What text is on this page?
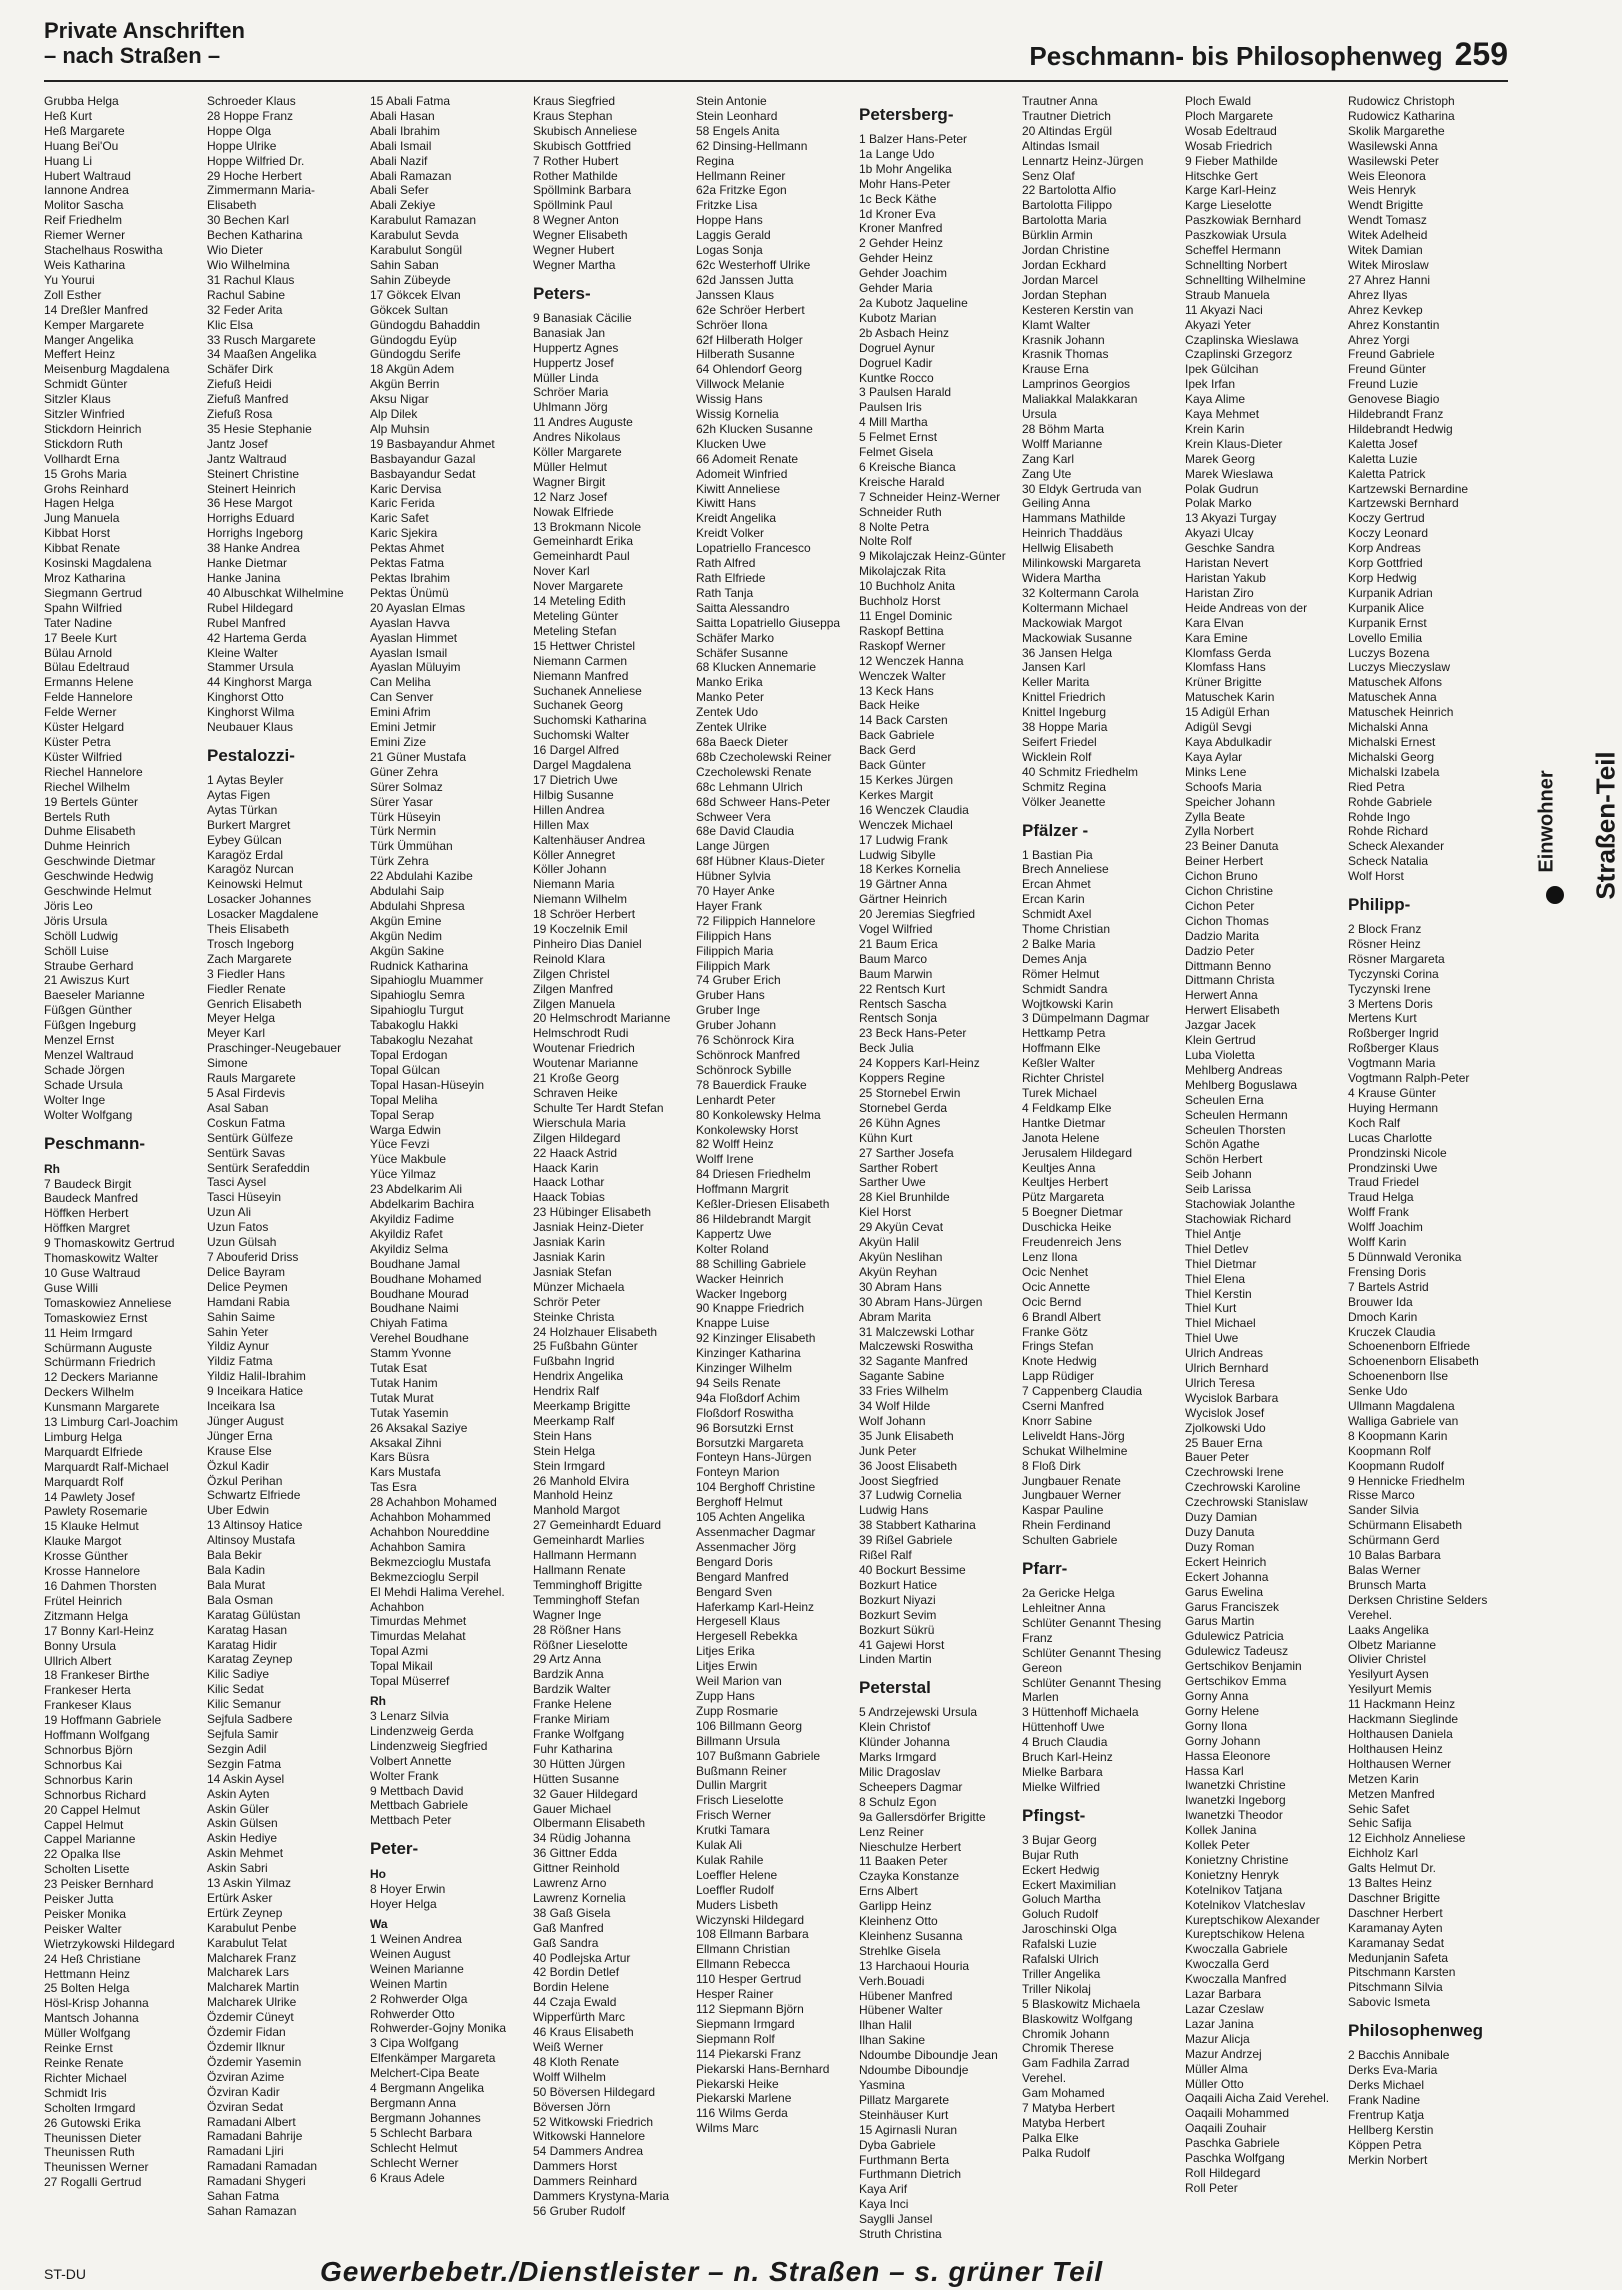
Private Anschriften
– nach Straßen –	Peschmann- bis Philosophenweg 259
Grubba Helga
Heß Kurt
Heß Margarete
Huang Bei'Ou
Huang Li
Hubert Waltraud
Iannone Andrea
Molitor Sascha
Reif Friedhelm
Riemer Werner
Stachelhaus Roswitha
Weis Katharina
Yu Yourui
Zoll Esther
14 Dreßler Manfred
Kemper Margarete
Manger Angelika
Meffert Heinz
Meisenburg Magdalena
Schmidt Günter
Sitzler Klaus
Sitzler Winfried
Stickdorn Heinrich
Stickdorn Ruth
Vollhardt Erna
15 Grohs Maria
Grohs Reinhard
Hagen Helga
Jung Manuela
Kibbat Horst
Kibbat Renate
Kosinski Magdalena
Mroz Katharina
Siegmann Gertrud
Spahn Wilfried
Tater Nadine
17 Beele Kurt
Bülau Arnold
Bülau Edeltraud
Ermanns Helene
Felde Hannelore
Felde Werner
Küster Helgard
Küster Petra
Küster Wilfried
Riechel Hannelore
Riechel Wilhelm
19 Bertels Günter
Bertels Ruth
Duhme Elisabeth
Duhme Heinrich
Geschwinde Dietmar
Geschwinde Hedwig
Geschwinde Helmut
Jöris Leo
Jöris Ursula
Schöll Ludwig
Schöll Luise
Straube Gerhard
21 Awiszus Kurt
Baeseler Marianne
Füßgen Günther
Füßgen Ingeburg
Menzel Ernst
Menzel Waltraud
Schade Jörgen
Schade Ursula
Wolter Inge
Wolter Wolfgang
Peschmann-
Rh
7 Baudeck Birgit
Baudeck Manfred
Höffken Herbert
Höffken Margret
9 Thomaskowitz Gertrud
Thomaskowitz Walter
10 Guse Waltraud
Guse Willi
Tomaskowiez Anneliese
Tomaskowiez Ernst
11 Heim Irmgard
Schürmann Auguste
Schürmann Friedrich
12 Deckers Marianne
Deckers Wilhelm
Kunsmann Margarete
13 Limburg Carl-Joachim
Limburg Helga
Marquardt Elfriede
Marquardt Ralf-Michael
Marquardt Rolf
14 Pawlety Josef
Pawlety Rosemarie
15 Klauke Helmut
Klauke Margot
Krosse Günther
Krosse Hannelore
16 Dahmen Thorsten
Frütel Heinrich
Zitzmann Helga
17 Bonny Karl-Heinz
Bonny Ursula
Ullrich Albert
18 Frankeser Birthe
Frankeser Herta
Frankeser Klaus
19 Hoffmann Gabriele
Hoffmann Wolfgang
Schnorbus Björn
Schnorbus Kai
Schnorbus Karin
Schnorbus Richard
20 Cappel Helmut
Cappel Helmut
Cappel Marianne
22 Opalka Ilse
Scholten Lisette
23 Peisker Bernhard
Peisker Jutta
Peisker Monika
Peisker Walter
Wietrzykowski Hildegard
24 Heß Christiane
Hettmann Heinz
25 Bolten Helga
Hösl-Krisp Johanna
Mantsch Johanna
Müller Wolfgang
Reinke Ernst
Reinke Renate
Richter Michael
Schmidt Iris
Scholten Irmgard
26 Gutowski Erika
Theunissen Dieter
Theunissen Ruth
Theunissen Werner
27 Rogalli Gertrud
Schroeder Klaus
28 Hoppe Franz
Hoppe Olga
Hoppe Ulrike
Hoppe Wilfried Dr.
29 Hoche Herbert
Zimmermann Maria-
Elisabeth
30 Bechen Karl
Bechen Katharina
Wio Dieter
Wio Wilhelmina
31 Rachul Klaus
Rachul Sabine
32 Feder Arita
Klic Elsa
33 Rusch Margarete
34 Maaßen Angelika
Schäfer Dirk
Ziefuß Heidi
Ziefuß Manfred
Ziefuß Rosa
35 Hesie Stephanie
Jantz Josef
Jantz Waltraud
Steinert Christine
Steinert Heinrich
36 Hese Margot
Horrighs Eduard
Horrighs Ingeborg
38 Hanke Andrea
Hanke Dietmar
Hanke Janina
40 Albuschkat Wilhelmine
Rubel Hildegard
Rubel Manfred
42 Hartema Gerda
Kleine Walter
Stammer Ursula
44 Kinghorst Marga
Kinghorst Otto
Kinghorst Wilma
Neubauer Klaus
Pestalozzi-
1 Aytas Beyler
Aytas Figen
Aytas Türkan
Burkert Margret
Eybey Gülcan
Karagöz Erdal
Karagöz Nurcan
Keinowski Helmut
Losacker Johannes
Losacker Magdalene
Theis Elisabeth
Trosch Ingeborg
Zach Margarete
3 Fiedler Hans
Fiedler Renate
Genrich Elisabeth
Meyer Helga
Meyer Karl
Praschinger-Neugebauer
Simone
Rauls Margarete
5 Asal Firdevis
Asal Saban
Coskun Fatma
Sentürk Gülfeze
Sentürk Savas
Sentürk Serafeddin
Tasci Aysel
Tasci Hüseyin
Uzun Ali
Uzun Fatos
Uzun Gülsah
7 Abouferid Driss
Delice Bayram
Delice Peymen
Hamdani Rabia
Sahin Saime
Sahin Yeter
Yildiz Aynur
Yildiz Fatma
Yildiz Halil-Ibrahim
9 Inceikara Hatice
Inceikara Isa
Jünger August
Jünger Erna
Krause Else
Özkul Kadir
Özkul Perihan
Schwartz Elfriede
Uber Edwin
13 Altinsoy Hatice
Altinsoy Mustafa
Bala Bekir
Bala Kadin
Bala Murat
Bala Osman
Karatag Gülüstan
Karatag Hasan
Karatag Hidir
Karatag Zeynep
Kilic Sadiye
Kilic Sedat
Kilic Semanur
Sejfula Sadbere
Sejfula Samir
Sezgin Adil
Sezgin Fatma
14 Askin Aysel
Askin Ayten
Askin Güler
Askin Gülsen
Askin Hediye
Askin Mehmet
Askin Sabri
13 Askin Yilmaz
Ertürk Asker
Ertürk Zeynep
Karabulut Penbe
Karabulut Telat
Malcharek Franz
Malcharek Lars
Malcharek Martin
Malcharek Ulrike
Özdemir Cüneyt
Özdemir Fidan
Özdemir Ilknur
Özdemir Yasemin
Özviran Azime
Özviran Kadir
Özviran Sedat
Ramadani Albert
Ramadani Bahrije
Ramadani Ljiri
Ramadani Ramadan
Ramadani Shygeri
Sahan Fatma
Sahan Ramazan
15 Abali Fatma
Abali Hasan
Abali Ibrahim
Abali Ismail
Abali Nazif
Abali Ramazan
Abali Sefer
Abali Zekiye
Karabulut Ramazan
Karabulut Sevda
Karabulut Songül
Sahin Saban
Sahin Zübeyde
17 Gökcek Elvan
Gökcek Sultan
Gündogdu Bahaddin
Gündogdu Eyüp
Gündogdu Serife
18 Akgün Adem
Akgün Berrin
Aksu Nigar
Alp Dilek
Alp Muhsin
19 Basbayandur Ahmet
Basbayandur Gazal
Basbayandur Sedat
Karic Dervisa
Karic Ferida
Karic Safet
Karic Sjekira
Pektas Ahmet
Pektas Fatma
Pektas Ibrahim
Pektas Ünümü
20 Ayaslan Elmas
Ayaslan Havva
Ayaslan Himmet
Ayaslan Ismail
Ayaslan Müluyim
Can Meliha
Can Senver
Emini Afrim
Emini Jetmir
Emini Zize
21 Güner Mustafa
Güner Zehra
Sürer Solmaz
Sürer Yasar
Türk Hüseyin
Türk Nermin
Türk Ümmühan
Türk Zehra
22 Abdulahi Kazibe
Abdulahi Saip
Abdulahi Shpresa
Akgün Emine
Akgün Nedim
Akgün Sakine
Rudnick Katharina
Sipahioglu Muammer
Sipahioglu Semra
Sipahioglu Turgut
Tabakoglu Hakki
Tabakoglu Nezahat
Topal Erdogan
Topal Gülcan
Topal Hasan-Hüseyin
Topal Meliha
Topal Serap
Warga Edwin
Yüce Fevzi
Yüce Makbule
Yüce Yilmaz
23 Abdelkarim Ali
Abdelkarim Bachira
Akyildiz Fadime
Akyildiz Rafet
Akyildiz Selma
Boudhane Jamal
Boudhane Mohamed
Boudhane Mourad
Boudhane Naimi
Chiyah Fatima
Verehel Boudhane
Stamm Yvonne
Tutak Esat
Tutak Hanim
Tutak Murat
Tutak Yasemin
26 Aksakal Saziye
Aksakal Zihni
Kars Büsra
Kars Mustafa
Tas Esra
28 Achahbon Mohamed
Achahbon Mohammed
Achahbon Noureddine
Achahbon Samira
Bekmezcioglu Mustafa
Bekmezcioglu Serpil
El Mehdi Halima Verehel.
Achahbon
Timurdas Mehmet
Timurdas Melahat
Topal Azmi
Topal Mikail
Topal Müserref
Rh
3 Lenarz Silvia
Lindenzweig Gerda
Lindenzweig Siegfried
Volbert Annette
Wolter Frank
9 Mettbach David
Mettbach Gabriele
Mettbach Peter
Peter-
Ho
8 Hoyer Erwin
Hoyer Helga
Wa
1 Weinen Andrea
Weinen August
Weinen Marianne
Weinen Martin
2 Rohwerder Olga
Rohwerder Otto
Rohwerder-Gojny Monika
3 Cipa Wolfgang
Elfenkämper Margareta
Melchert-Cipa Beate
4 Bergmann Angelika
Bergmann Anna
Bergmann Johannes
5 Schlecht Barbara
Schlecht Helmut
Schlecht Werner
6 Kraus Adele
Kraus Siegfried
Kraus Stephan
Skubisch Anneliese
Skubisch Gottfried
7 Rother Hubert
Rother Mathilde
Spöllmink Barbara
Spöllmink Paul
8 Wegner Anton
Wegner Elisabeth
Wegner Hubert
Wegner Martha
Peters-
9 Banasiak Cäcilie
Banasiak Jan
Huppertz Agnes
Huppertz Josef
Müller Linda
Schröer Maria
Uhlmann Jörg
11 Andres Auguste
Andres Nikolaus
Köller Margarete
Müller Helmut
Wagner Birgit
12 Narz Josef
Nowak Elfriede
13 Brokmann Nicole
Gemeinhardt Erika
Gemeinhardt Paul
Nover Karl
Nover Margarete
14 Meteling Edith
Meteling Günter
Meteling Stefan
15 Hettwer Christel
Niemann Carmen
Niemann Manfred
Suchanek Anneliese
Suchanek Georg
Suchomski Katharina
Suchomski Walter
16 Dargel Alfred
Dargel Magdalena
17 Dietrich Uwe
Hilbig Susanne
Hillen Andrea
Hillen Max
Kaltenhäuser Andrea
Köller Annegret
Köller Johann
Niemann Maria
Niemann Wilhelm
18 Schröer Herbert
19 Koczelnik Emil
Pinheiro Dias Daniel
Reinold Klara
Zilgen Christel
Zilgen Manfred
Zilgen Manuela
20 Helmschrodt Marianne
Helmschrodt Rudi
Woutenar Friedrich
Woutenar Marianne
21 Kroße Georg
Schraven Heike
Schulte Ter Hardt Stefan
Wierschula Maria
Zilgen Hildegard
22 Haack Astrid
Haack Karin
Haack Lothar
Haack Tobias
23 Hübinger Elisabeth
Jasniak Heinz-Dieter
Jasniak Karin
Jasniak Karin
Jasniak Stefan
Münzer Michaela
Schrör Peter
Steinke Christa
24 Holzhauer Elisabeth
25 Fußbahn Günter
Fußbahn Ingrid
Hendrix Angelika
Hendrix Ralf
Meerkamp Brigitte
Meerkamp Ralf
Stein Hans
Stein Helga
Stein Irmgard
26 Manhold Elvira
Manhold Heinz
Manhold Margot
27 Gemeinhardt Eduard
Gemeinhardt Marlies
Hallmann Hermann
Hallmann Renate
Temminghoff Brigitte
Temminghoff Stefan
Wagner Inge
28 Rößner Hans
Rößner Lieselotte
29 Artz Anna
Bardzik Anna
Bardzik Walter
Franke Helene
Franke Miriam
Franke Wolfgang
Fuhr Katharina
30 Hütten Jürgen
Hütten Susanne
32 Gauer Hildegard
Gauer Michael
Olbermann Elisabeth
34 Rüdig Johanna
36 Gittner Edda
Gittner Reinhold
Lawrenz Arno
Lawrenz Kornelia
38 Gaß Gisela
Gaß Manfred
Gaß Sandra
40 Podlejska Artur
42 Bordin Detlef
Bordin Helene
44 Czaja Ewald
Wipperfürth Marc
46 Kraus Elisabeth
Weiß Werner
48 Kloth Renate
Wolff Wilhelm
50 Böversen Hildegard
Böversen Jörn
52 Witkowski Friedrich
Witkowski Hannelore
54 Dammers Andrea
Dammers Horst
Dammers Reinhard
Dammers Krystyna-Maria
56 Gruber Rudolf
Stein Antonie
Stein Leonhard
58 Engels Anita
62 Dinsing-Hellmann
Regina
Hellmann Reiner
62a Fritzke Egon
Fritzke Lisa
Hoppe Hans
Laggis Gerald
Logas Sonja
62c Westerhoff Ulrike
62d Janssen Jutta
Janssen Klaus
62e Schröer Herbert
Schröer Ilona
62f Hilberath Holger
Hilberath Susanne
64 Ohlendorf Georg
Villwock Melanie
Wissig Hans
Wissig Kornelia
62h Klucken Susanne
Klucken Uwe
66 Adomeit Renate
Adomeit Winfried
Kiwitt Anneliese
Kiwitt Hans
Kreidt Angelika
Kreidt Volker
Lopatriello Francesco
Rath Alfred
Rath Elfriede
Rath Tanja
Saitta Alessandro
Saitta Lopatriello Giuseppa
Schäfer Marko
Schäfer Susanne
68 Klucken Annemarie
Manko Erika
Manko Peter
Zentek Udo
Zentek Ulrike
68a Baeck Dieter
68b Czecholewski Reiner
Czecholewski Renate
68c Lehmann Ulrich
68d Schweer Hans-Peter
Schweer Vera
68e David Claudia
Lange Jürgen
68f Hübner Klaus-Dieter
Hübner Sylvia
70 Hayer Anke
Hayer Frank
72 Filippich Hannelore
Filippich Hans
Filippich Maria
Filippich Mark
74 Gruber Erich
Gruber Hans
Gruber Inge
Gruber Johann
76 Schönrock Kira
Schönrock Manfred
Schönrock Sybille
78 Bauerdick Frauke
Lenhardt Peter
80 Konkolewsky Helma
Konkolewsky Horst
82 Wolff Heinz
Wolff Irene
84 Driesen Friedhelm
Hoffmann Margrit
Keßler-Driesen Elisabeth
86 Hildebrandt Margit
Kappertz Uwe
Kolter Roland
88 Schilling Gabriele
Wacker Heinrich
Wacker Ingeborg
90 Knappe Friedrich
Knappe Luise
92 Kinzinger Elisabeth
Kinzinger Katharina
Kinzinger Wilhelm
94 Seils Renate
94a Floßdorf Achim
Floßdorf Roswitha
96 Borsutzki Ernst
Borsutzki Margareta
Fonteyn Hans-Jürgen
Fonteyn Marion
104 Berghoff Christine
Berghoff Helmut
105 Achten Angelika
Assenmacher Dagmar
Assenmacher Jörg
Bengard Doris
Bengard Manfred
Bengard Sven
Haferkamp Karl-Heinz
Hergesell Klaus
Hergesell Rebekka
Litjes Erika
Litjes Erwin
Weil Marion van
Zupp Hans
Zupp Rosmarie
106 Billmann Georg
Billmann Ursula
107 Bußmann Gabriele
Bußmann Reiner
Dullin Margrit
Frisch Lieselotte
Frisch Werner
Krutki Tamara
Kulak Ali
Kulak Rahile
Loeffler Helene
Loeffler Rudolf
Muders Lisbeth
Wiczynski Hildegard
108 Ellmann Barbara
Ellmann Christian
Ellmann Rebecca
110 Hesper Gertrud
Hesper Rainer
112 Siepmann Björn
Siepmann Irmgard
Siepmann Rolf
114 Piekarski Franz
Piekarski Hans-Bernhard
Piekarski Heike
Piekarski Marlene
116 Wilms Gerda
Wilms Marc
Petersberg-
1 Balzer Hans-Peter
1a Lange Udo
1b Mohr Angelika
Mohr Hans-Peter
1c Beck Käthe
1d Kroner Eva
Kroner Manfred
2 Gehder Heinz
Gehder Heinz
Gehder Joachim
Gehder Maria
2a Kubotz Jaqueline
Kubotz Marian
2b Asbach Heinz
Dogruel Aynur
Dogruel Kadir
Kuntke Rocco
3 Paulsen Harald
Paulsen Iris
4 Mill Martha
5 Felmet Ernst
Felmet Gisela
6 Kreische Bianca
Kreische Harald
7 Schneider Heinz-Werner
Schneider Ruth
8 Nolte Petra
Nolte Rolf
9 Mikolajczak Heinz-Günter
Mikolajczak Rita
10 Buchholz Anita
Buchholz Horst
11 Engel Dominic
Raskopf Bettina
Raskopf Werner
12 Wenczek Hanna
Wenczek Walter
13 Keck Hans
Back Heike
14 Back Carsten
Back Gabriele
Back Gerd
Back Günter
15 Kerkes Jürgen
Kerkes Margit
16 Wenczek Claudia
Wenczek Michael
17 Ludwig Frank
Ludwig Sibylle
18 Kerkes Kornelia
19 Gärtner Anna
Gärtner Heinrich
20 Jeremias Siegfried
Vogel Wilfried
21 Baum Erica
Baum Marco
Baum Marwin
22 Rentsch Kurt
Rentsch Sascha
Rentsch Sonja
23 Beck Hans-Peter
Beck Julia
24 Koppers Karl-Heinz
Koppers Regine
25 Stornebel Erwin
Stornebel Gerda
26 Kühn Agnes
Kühn Kurt
27 Sarther Josefa
Sarther Robert
Sarther Uwe
28 Kiel Brunhilde
Kiel Horst
29 Akyün Cevat
Akyün Halil
Akyün Neslihan
Akyün Reyhan
30 Abram Hans
30 Abram Hans-Jürgen
Abram Marita
31 Malczewski Lothar
Malczewski Roswitha
32 Sagante Manfred
Sagante Sabine
33 Fries Wilhelm
34 Wolf Hilde
Wolf Johann
35 Junk Elisabeth
Junk Peter
36 Joost Elisabeth
Joost Siegfried
37 Ludwig Cornelia
Ludwig Hans
38 Stabbert Katharina
39 Rißel Gabriele
Rißel Ralf
40 Bockurt Bessime
Bozkurt Hatice
Bozkurt Niyazi
Bozkurt Sevim
Bozkurt Sükrü
41 Gajewi Horst
Linden Martin
Peterstal
5 Andrzejewski Ursula
Klein Christof
Klünder Johanna
Marks Irmgard
Milic Dragoslav
Scheepers Dagmar
8 Schulz Egon
9a Gallersdörfer Brigitte
Lenz Reiner
Nieschulze Herbert
11 Baaken Peter
Czayka Konstanze
Erns Albert
Garlipp Heinz
Kleinhenz Otto
Kleinhenz Susanna
Strehlke Gisela
13 Harchaoui Houria
Verh.Bouadi
Hübener Manfred
Hübener Walter
Ilhan Halil
Ilhan Sakine
Ndoumbe Diboundje Jean
Ndoumbe Diboundje
Yasmina
Pillatz Margarete
Steinhäuser Kurt
15 Agirnasli Nuran
Dyba Gabriele
Furthmann Berta
Furthmann Dietrich
Kaya Arif
Kaya Inci
Sayglli Jansel
Struth Christina
Trautner Anna
Trautner Dietrich
20 Altindas Ergül
Altindas Ismail
Lennartz Heinz-Jürgen
Senz Olaf
22 Bartolotta Alfio
Bartolotta Filippo
Bartolotta Maria
Bürklin Armin
Jordan Christine
Jordan Eckhard
Jordan Marcel
Jordan Stephan
Kesteren Kerstin van
Klamt Walter
Krasnik Johann
Krasnik Thomas
Krause Erna
Lamprinos Georgios
Maliakkal Malakkaran
Ursula
28 Böhm Marta
Wolff Marianne
Zang Karl
Zang Ute
30 Eldyk Gertruda van
Geiling Anna
Hammans Mathilde
Heinrich Thaddäus
Hellwig Elisabeth
Milinkowski Margareta
Widera Martha
32 Koltermann Carola
Koltermann Michael
Mackowiak Margot
Mackowiak Susanne
36 Jansen Helga
Jansen Karl
Keller Marita
Knittel Friedrich
Knittel Ingeburg
38 Hoppe Maria
Seifert Friedel
Wicklein Rolf
40 Schmitz Friedhelm
Schmitz Regina
Völker Jeanette
Pfälzer -
1 Bastian Pia
Brech Anneliese
Ercan Ahmet
Ercan Karin
Schmidt Axel
Thome Christian
2 Balke Maria
Demes Anja
Römer Helmut
Schmidt Sandra
Wojtkowski Karin
3 Dümpelmann Dagmar
Hettkamp Petra
Hoffmann Elke
Keßler Walter
Richter Christel
Turek Michael
4 Feldkamp Elke
Hantke Dietmar
Janota Helene
Jerusalem Hildegard
Keultjes Anna
Keultjes Herbert
Pütz Margareta
5 Boegner Dietmar
Duschicka Heike
Freudenreich Jens
Lenz Ilona
Ocic Nenhet
Ocic Annette
Ocic Bernd
6 Brandl Albert
Franke Götz
Frings Stefan
Knote Hedwig
Lapp Rüdiger
7 Cappenberg Claudia
Cserni Manfred
Knorr Sabine
Leliveldt Hans-Jörg
Schukat Wilhelmine
8 Floß Dirk
Jungbauer Renate
Jungbauer Werner
Kaspar Pauline
Rhein Ferdinand
Schulten Gabriele
Pfarr-
2a Gericke Helga
Lehleitner Anna
Schlüter Genannt Thesing
Franz
Schlüter Genannt Thesing
Gereon
Schlüter Genannt Thesing
Marlen
3 Hüttenhoff Michaela
Hüttenhoff Uwe
4 Bruch Claudia
Bruch Karl-Heinz
Mielke Barbara
Mielke Wilfried
Pfingst-
3 Bujar Georg
Bujar Ruth
Eckert Hedwig
Eckert Maximilian
Goluch Martha
Goluch Rudolf
Jaroschinski Olga
Rafalski Luzie
Rafalski Ulrich
Triller Angelika
Triller Nikolaj
5 Blaskowitz Michaela
Blaskowitz Wolfgang
Chromik Johann
Chromik Therese
Gam Fadhila Zarrad
Verehel.
Gam Mohamed
7 Matyba Herbert
Matyba Herbert
Palka Elke
Palka Rudolf
Ploch Ewald
Ploch Margarete
Wosab Edeltraud
Wosab Friedrich
9 Fieber Mathilde
Hitschke Gert
Karge Karl-Heinz
Karge Lieselotte
Paszkowiak Bernhard
Paszkowiak Ursula
Scheffel Hermann
Schnellting Norbert
Schnellting Wilhelmine
Straub Manuela
11 Akyazi Naci
Akyazi Yeter
Czaplinska Wieslawa
Czaplinski Grzegorz
Ipek Gülcihan
Ipek Irfan
Kaya Alime
Kaya Mehmet
Krein Karin
Krein Klaus-Dieter
Marek Georg
Marek Wieslawa
Polak Gudrun
Polak Marko
13 Akyazi Turgay
Akyazi Ulcay
Geschke Sandra
Haristan Nevert
Haristan Yakub
Haristan Ziro
Heide Andreas von der
Kara Elvan
Kara Emine
Klomfass Gerda
Klomfass Hans
Krüner Brigitte
Matuschek Karin
15 Adigül Erhan
Adigül Sevgi
Kaya Abdulkadir
Kaya Aylar
Minks Lene
Schoofs Maria
Speicher Johann
Zylla Beate
Zylla Norbert
23 Beiner Danuta
Beiner Herbert
Cichon Bruno
Cichon Christine
Cichon Peter
Cichon Thomas
Dadzio Marita
Dadzio Peter
Dittmann Benno
Dittmann Christa
Herwert Anna
Herwert Elisabeth
Jazgar Jacek
Klein Gertrud
Luba Violetta
Mehlberg Andreas
Mehlberg Boguslawa
Scheulen Erna
Scheulen Hermann
Scheulen Thorsten
Schön Agathe
Schön Herbert
Seib Johann
Seib Larissa
Stachowiak Jolanthe
Stachowiak Richard
Thiel Antje
Thiel Detlev
Thiel Dietmar
Thiel Elena
Thiel Kerstin
Thiel Kurt
Thiel Michael
Thiel Uwe
Ulrich Andreas
Ulrich Bernhard
Ulrich Teresa
Wycislok Barbara
Wycislok Josef
Zjolkowski Udo
25 Bauer Erna
Bauer Peter
Czechrowski Irene
Czechrowski Karoline
Czechrowski Stanislaw
Duzy Damian
Duzy Danuta
Duzy Roman
Eckert Heinrich
Eckert Johanna
Garus Ewelina
Garus Franciszek
Garus Martin
Gdulewicz Patricia
Gdulewicz Tadeusz
Gertschikov Benjamin
Gertschikov Emma
Gorny Anna
Gorny Helene
Gorny Ilona
Gorny Johann
Hassa Eleonore
Hassa Karl
Iwanetzki Christine
Iwanetzki Ingeborg
Iwanetzki Theodor
Kollek Janina
Kollek Peter
Konietzny Christine
Konietzny Henryk
Kotelnikov Tatjana
Kotelnikov Vlatcheslav
Kureptschikow Alexander
Kureptschikow Helena
Kwoczalla Gabriele
Kwoczalla Gerd
Kwoczalla Manfred
Lazar Barbara
Lazar Czeslaw
Lazar Janina
Mazur Alicja
Mazur Andrzej
Müller Alma
Müller Otto
Oaqaili Aicha Zaid Verehel.
Oaqaili Mohammed
Oaqaili Zouhair
Paschka Gabriele
Paschka Wolfgang
Roll Hildegard
Roll Peter
Rudowicz Christoph
Rudowicz Katharina
Skolik Margarethe
Wasilewski Anna
Wasilewski Peter
Weis Eleonora
Weis Henryk
Wendt Brigitte
Wendt Tomasz
Witek Adelheid
Witek Damian
Witek Miroslaw
27 Ahrez Hanni
Ahrez Ilyas
Ahrez Kevkep
Ahrez Konstantin
Ahrez Yorgi
Freund Gabriele
Freund Günter
Freund Luzie
Genovese Biagio
Hildebrandt Franz
Hildebrandt Hedwig
Kaletta Josef
Kaletta Luzie
Kaletta Patrick
Kartzewski Bernardine
Kartzewski Bernhard
Koczy Gertrud
Koczy Leonard
Korp Andreas
Korp Gottfried
Korp Hedwig
Kurpanik Adrian
Kurpanik Alice
Kurpanik Ernst
Lovello Emilia
Luczys Bozena
Luczys Mieczyslaw
Matuschek Alfons
Matuschek Anna
Matuschek Heinrich
Michalski Anna
Michalski Ernest
Michalski Georg
Michalski Izabela
Ried Petra
Rohde Gabriele
Rohde Ingo
Rohde Richard
Scheck Alexander
Scheck Natalia
Wolf Horst
Philipp-
2 Block Franz
Rösner Heinz
Rösner Margareta
Tyczynski Corina
Tyczynski Irene
3 Mertens Doris
Mertens Kurt
Roßberger Ingrid
Roßberger Klaus
Vogtmann Maria
Vogtmann Ralph-Peter
4 Krause Günter
Huying Hermann
Koch Ralf
Lucas Charlotte
Prondzinski Nicole
Prondzinski Uwe
Traud Friedel
Traud Helga
Wolff Frank
Wolff Joachim
Wolff Karin
5 Dünnwald Veronika
Frensing Doris
7 Bartels Astrid
Brouwer Ida
Dmoch Karin
Kruczek Claudia
Schoenenborn Elfriede
Schoenenborn Elisabeth
Schoenenborn Ilse
Senke Udo
Ullmann Magdalena
Walliga Gabriele van
8 Koopmann Karin
Koopmann Rolf
Koopmann Rudolf
9 Hennicke Friedhelm
Risse Marco
Sander Silvia
Schürmann Elisabeth
Schürmann Gerd
10 Balas Barbara
Balas Werner
Brunsch Marta
Derksen Christine Selders
Verehel.
Laaks Angelika
Olbetz Marianne
Olivier Christel
Yesilyurt Aysen
Yesilyurt Memis
11 Hackmann Heinz
Hackmann Sieglinde
Holthausen Daniela
Holthausen Heinz
Holthausen Werner
Metzen Karin
Metzen Manfred
Sehic Safet
Sehic Safija
12 Eichholz Anneliese
Eichholz Karl
Galts Helmut Dr.
13 Baltes Heinz
Daschner Brigitte
Daschner Herbert
Karamanay Ayten
Karamanay Sedat
Medunjanin Safeta
Pitschmann Karsten
Pitschmann Silvia
Sabovic Ismeta
Philosophenweg
2 Bacchis Annibale
Derks Eva-Maria
Derks Michael
Frank Nadine
Frentrup Katja
Hellberg Kerstin
Köppen Petra
Merkin Norbert
Einwohner Straßen-Teil
ST-DU	Gewerbebetr./Dienstleister – n. Straßen – s. grüner Teil
